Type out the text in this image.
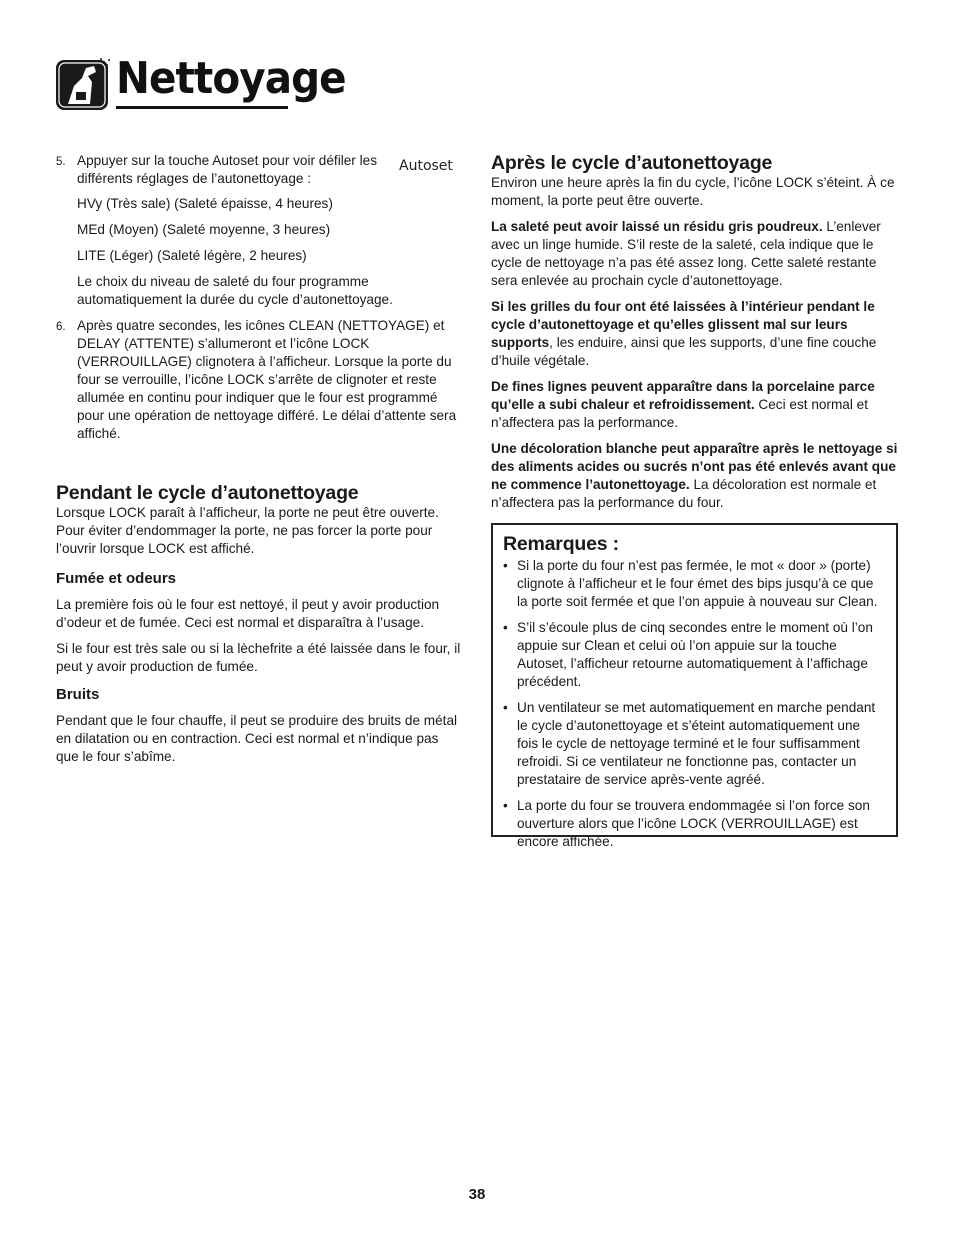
Nettoyage
Autoset
5. Appuyer sur la touche Autoset pour voir défiler les différents réglages de l’autonettoyage :

HVy (Très sale) (Saleté épaisse, 4 heures)

MEd (Moyen) (Saleté moyenne, 3 heures)

LITE (Léger) (Saleté légère, 2 heures)

Le choix du niveau de saleté du four programme automatiquement la durée du cycle d’autonettoyage.

6. Après quatre secondes, les icônes CLEAN (NETTOYAGE) et DELAY (ATTENTE) s’allumeront et l’icône LOCK (VERROUILLAGE) clignotera à l’afficheur. Lorsque la porte du four se verrouille, l’icône LOCK s’arrête de clignoter et reste allumée en continu pour indiquer que le four est programmé pour une opération de nettoyage différé. Le délai d’attente sera affiché.
Pendant le cycle d’autonettoyage

Lorsque LOCK paraît à l’afficheur, la porte ne peut être ouverte. Pour éviter d’endommager la porte, ne pas forcer la porte pour l’ouvrir lorsque LOCK est affiché.

Fumée et odeurs

La première fois où le four est nettoyé, il peut y avoir production d’odeur et de fumée. Ceci est normal et disparaîtra à l’usage.

Si le four est très sale ou si la lèchefrite a été laissée dans le four, il peut y avoir production de fumée.

Bruits

Pendant que le four chauffe, il peut se produire des bruits de métal en dilatation ou en contraction. Ceci est normal et n’indique pas que le four s’abîme.

Après le cycle d’autonettoyage

Environ une heure après la fin du cycle, l’icône LOCK s’éteint. À ce moment, la porte peut être ouverte.

La saleté peut avoir laissé un résidu gris poudreux. L’enlever avec un linge humide. S’il reste de la saleté, cela indique que le cycle de nettoyage n’a pas été assez long. Cette saleté restante sera enlevée au prochain cycle d’autonettoyage.

Si les grilles du four ont été laissées à l’intérieur pendant le cycle d’autonettoyage et qu’elles glissent mal sur leurs supports, les enduire, ainsi que les supports, d’une fine couche d’huile végétale.

De fines lignes peuvent apparaître dans la porcelaine parce qu’elle a subi chaleur et refroidissement. Ceci est normal et n’affectera pas la performance.

Une décoloration blanche peut apparaître après le nettoyage si des aliments acides ou sucrés n’ont pas été enlevés avant que ne commence l’autonettoyage. La décoloration est normale et n’affectera pas la performance du four.

Remarques :
• Si la porte du four n’est pas fermée, le mot « door » (porte) clignote à l’afficheur et le four émet des bips jusqu’à ce que la porte soit fermée et que l’on appuie à nouveau sur Clean.
• S’il s’écoule plus de cinq secondes entre le moment où l’on appuie sur Clean et celui où l’on appuie sur la touche Autoset, l’afficheur retourne automatiquement à l’affichage précédent.
• Un ventilateur se met automatiquement en marche pendant le cycle d’autonettoyage et s’éteint automatiquement une fois le cycle de nettoyage terminé et le four suffisamment refroidi. Si ce ventilateur ne fonctionne pas, contacter un prestataire de service après-vente agréé.
• La porte du four se trouvera endommagée si l’on force son ouverture alors que l’icône LOCK (VERROUILLAGE) est encore affichée.
38
